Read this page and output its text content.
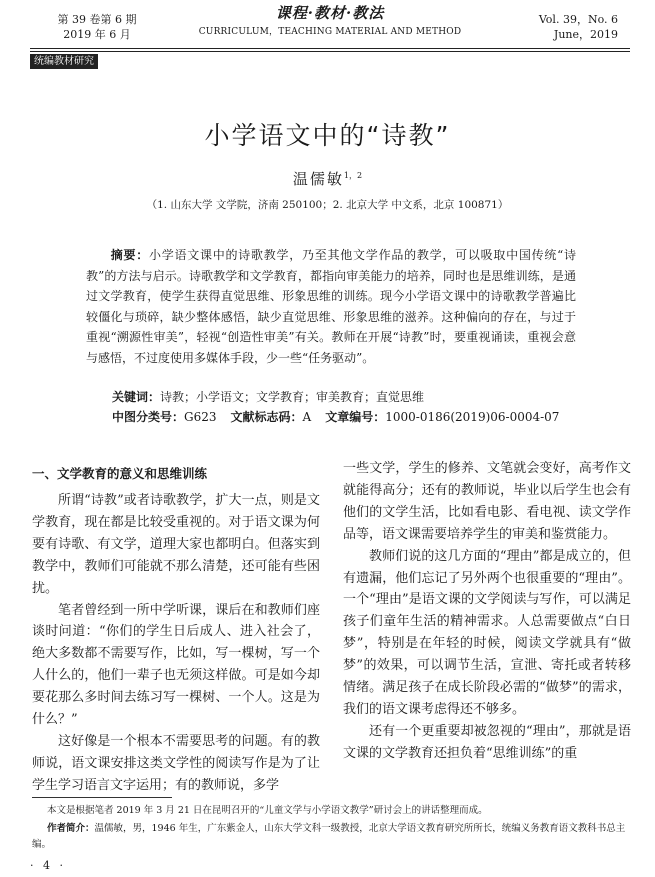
第 39 卷第 6 期
2019 年 6 月
课程·教材·教法
CURRICULUM，TEACHING MATERIAL AND METHOD
Vol. 39，No. 6
June，2019
统编教材研究
小学语文中的“诗教”
温儒敏$^{1,2}$
（1. 山东大学 文学院，济南 250100；2. 北京大学 中文系，北京 100871）
摘要：小学语文课中的诗歌教学，乃至其他文学作品的教学，可以吸取中国传统“诗教”的方法与启示。诗歌教学和文学教育，都指向审美能力的培养，同时也是思维训练，是通过文学教育，使学生获得直觉思维、形象思维的训练。现今小学语文课中的诗歌教学普遍比较僵化与琐碎，缺少整体感悟，缺少直觉思维、形象思维的滋养。这种偏向的存在，与过于重视“溯源性审美”，轻视“创造性审美”有关。教师在开展“诗教”时，要重视诵读，重视会意与感悟，不过度使用多媒体手段，少一些“任务驱动”。
关键词：诗教；小学语文；文学教育；审美教育；直觉思维
中图分类号：G623 文献标志码：A 文章编号：1000-0186(2019)06-0004-07
一、文学教育的意义和思维训练

所谓“诗教”或者诗歌教学，扩大一点，则是文学教育，现在都是比较受重视的。对于语文课为何要有诗歌、有文学，道理大家也都明白。但落实到教学中，教师们可能就不那么清楚，还可能有些困扰。

笔者曾经到一所中学听课，课后在和教师们座谈时问道：“你们的学生日后成人、进入社会了，绝大多数都不需要写作，比如，写一棵树，写一个人什么的，他们一辈子也无须这样做。可是如今却要花那么多时间去练习写一棵树、一个人。这是为什么？”

这好像是一个根本不需要思考的问题。有的教师说，语文课安排这类文学性的阅读写作是为了让学生学习语言文字运用；有的教师说，多学

一些文学，学生的修养、文笔就会变好，高考作文就能得高分；还有的教师说，毕业以后学生也会有他们的文学生活，比如看电影、看电视、读文学作品等，语文课需要培养学生的审美和鉴赏能力。

教师们说的这几方面的“理由”都是成立的，但有遗漏，他们忘记了另外两个也很重要的“理由”。一个“理由”是语文课的文学阅读与写作，可以满足孩子们童年生活的精神需求。人总需要做点“白日梦”，特别是在年轻的时候，阅读文学就具有“做梦”的效果，可以调节生活，宣泄、寄托或者转移情绪。满足孩子在成长阶段必需的“做梦”的需求，我们的语文课考虑得还不够多。

还有一个更重要却被忽视的“理由”，那就是语文课的文学教育还担负着“思维训练”的重

本文是根据笔者 2019 年 3 月 21 日在昆明召开的“儿童文学与小学语文教学”研讨会上的讲话整理而成。
作者简介：温儒敏，男，1946 年生，广东紫金人，山东大学文科一级教授，北京大学语文教育研究所所长，统编义务教育语文教科书总主编。
· 4 ·
